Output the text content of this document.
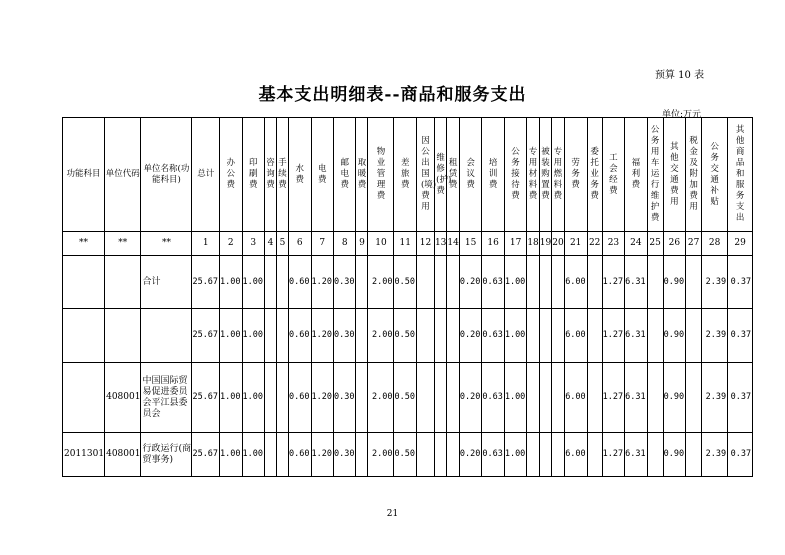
预算 10 表
基本支出明细表--商品和服务支出
单位:万元
功能科目	单位代码	单位名称(功能科目)	总计	办公费	印刷费	咨询费	手续费	水费	电费	邮电费	取暖费	物业管理费	差旅费	因公出国(境)费用	维修(护)费	租赁费	会议费	培训费	公务接待费	专用材料费	被装购置费	专用燃料费	劳务费	委托业务费	工会经费	福利费	公务用车运行维护费	其他交通费用	税金及附加费用	公务交通补贴	其他商品和服务支出
**	**	**	1	2	3	4	5	6	7	8	9	10	11	12	13	14	15	16	17	18	19	20	21	22	23	24	25	26	27	28	29
		合计	25.67	1.00	1.00			0.60	1.20	0.30		2.00	0.50				0.20	0.63	1.00				6.00		1.27	6.31		0.90		2.39	0.37
			25.67	1.00	1.00			0.60	1.20	0.30		2.00	0.50				0.20	0.63	1.00				6.00		1.27	6.31		0.90		2.39	0.37
	408001	中国国际贸易促进委员会平江县委员会	25.67	1.00	1.00			0.60	1.20	0.30		2.00	0.50				0.20	0.63	1.00				6.00		1.27	6.31		0.90		2.39	0.37
2011301	408001	行政运行(商贸事务)	25.67	1.00	1.00			0.60	1.20	0.30		2.00	0.50				0.20	0.63	1.00				6.00		1.27	6.31		0.90		2.39	0.37
21
